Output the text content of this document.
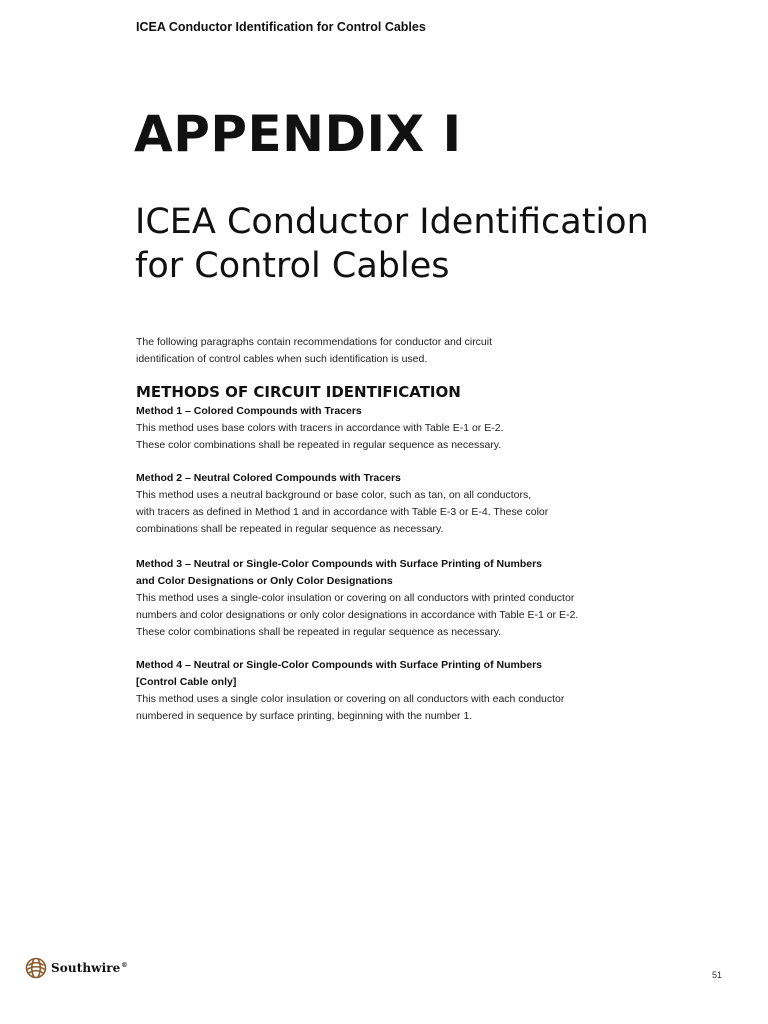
ICEA Conductor Identification for Control Cables
APPENDIX I
ICEA Conductor Identification
for Control Cables
The following paragraphs contain recommendations for conductor and circuit
identification of control cables when such identification is used.
METHODS OF CIRCUIT IDENTIFICATION
Method 1 – Colored Compounds with Tracers
This method uses base colors with tracers in accordance with Table E-1 or E-2.
These color combinations shall be repeated in regular sequence as necessary.
Method 2 – Neutral Colored Compounds with Tracers
This method uses a neutral background or base color, such as tan, on all conductors,
with tracers as defined in Method 1 and in accordance with Table E-3 or E-4. These color
combinations shall be repeated in regular sequence as necessary.
Method 3 – Neutral or Single-Color Compounds with Surface Printing of Numbers
and Color Designations or Only Color Designations
This method uses a single-color insulation or covering on all conductors with printed conductor
numbers and color designations or only color designations in accordance with Table E-1 or E-2.
These color combinations shall be repeated in regular sequence as necessary.
Method 4 – Neutral or Single-Color Compounds with Surface Printing of Numbers
[Control Cable only]
This method uses a single color insulation or covering on all conductors with each conductor
numbered in sequence by surface printing, beginning with the number 1.
Southwire®
51
